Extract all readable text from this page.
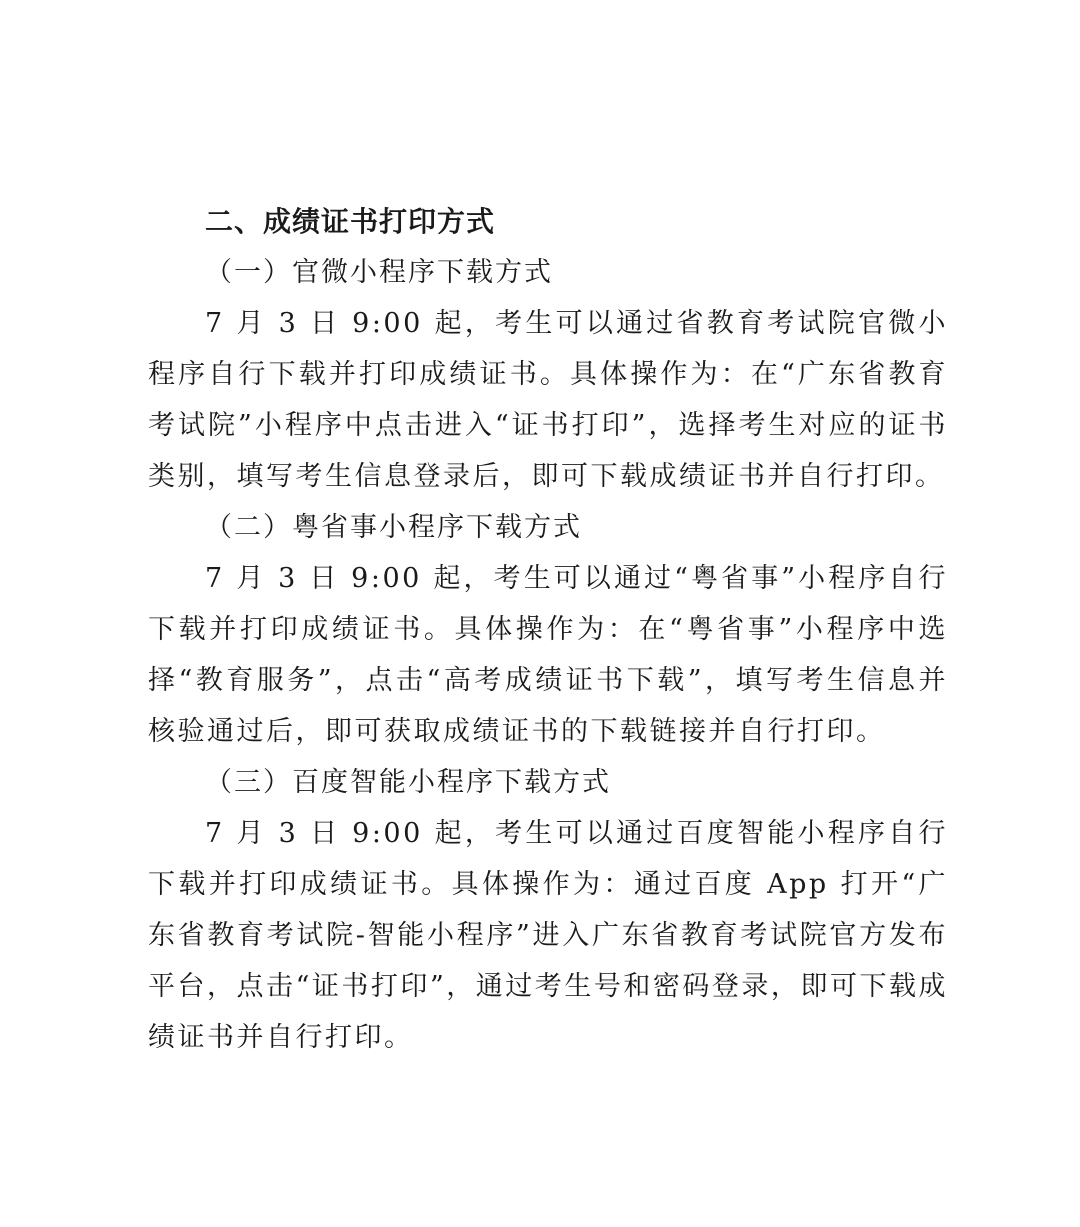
二、成绩证书打印方式

（一）官微小程序下载方式

7 月 3 日 9:00 起，考生可以通过省教育考试院官微小程序自行下载并打印成绩证书。具体操作为：在“广东省教育考试院”小程序中点击进入“证书打印”，选择考生对应的证书类别，填写考生信息登录后，即可下载成绩证书并自行打印。

（二）粤省事小程序下载方式

7 月 3 日 9:00 起，考生可以通过“粤省事”小程序自行下载并打印成绩证书。具体操作为：在“粤省事”小程序中选择“教育服务”，点击“高考成绩证书下载”，填写考生信息并核验通过后，即可获取成绩证书的下载链接并自行打印。

（三）百度智能小程序下载方式

7 月 3 日 9:00 起，考生可以通过百度智能小程序自行下载并打印成绩证书。具体操作为：通过百度 App 打开“广东省教育考试院-智能小程序”进入广东省教育考试院官方发布平台，点击“证书打印”，通过考生号和密码登录，即可下载成绩证书并自行打印。
